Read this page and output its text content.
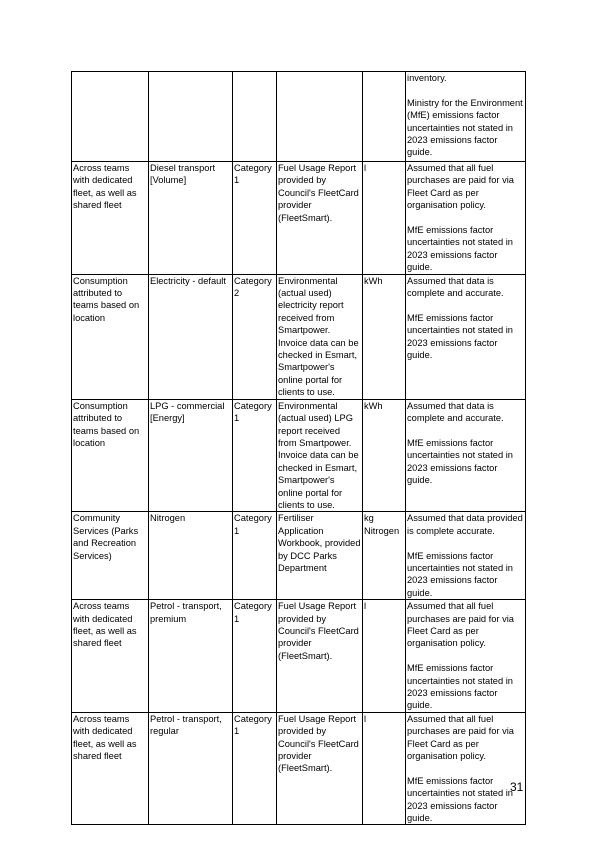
					inventory.

Ministry for the Environment (MfE) emissions factor uncertainties not stated in 2023 emissions factor guide.

Across teams with dedicated fleet, as well as shared fleet	Diesel transport [Volume]	Category 1	Fuel Usage Report provided by Council's FleetCard provider (FleetSmart).	l	Assumed that all fuel purchases are paid for via Fleet Card as per organisation policy.

MfE emissions factor uncertainties not stated in 2023 emissions factor guide.

Consumption attributed to teams based on location	Electricity - default	Category 2	Environmental (actual used) electricity report received from Smartpower. Invoice data can be checked in Esmart, Smartpower's online portal for clients to use.	kWh	Assumed that data is complete and accurate.

MfE emissions factor uncertainties not stated in 2023 emissions factor guide.

Consumption attributed to teams based on location	LPG - commercial [Energy]	Category 1	Environmental (actual used) LPG report received from Smartpower. Invoice data can be checked in Esmart, Smartpower's online portal for clients to use.	kWh	Assumed that data is complete and accurate.

MfE emissions factor uncertainties not stated in 2023 emissions factor guide.

Community Services (Parks and Recreation Services)	Nitrogen	Category 1	Fertiliser Application Workbook, provided by DCC Parks Department	kg Nitrogen	Assumed that data provided is complete accurate.

MfE emissions factor uncertainties not stated in 2023 emissions factor guide.

Across teams with dedicated fleet, as well as shared fleet	Petrol - transport, premium	Category 1	Fuel Usage Report provided by Council's FleetCard provider (FleetSmart).	l	Assumed that all fuel purchases are paid for via Fleet Card as per organisation policy.

MfE emissions factor uncertainties not stated in 2023 emissions factor guide.

Across teams with dedicated fleet, as well as shared fleet	Petrol - transport, regular	Category 1	Fuel Usage Report provided by Council's FleetCard provider (FleetSmart).	l	Assumed that all fuel purchases are paid for via Fleet Card as per organisation policy.

MfE emissions factor uncertainties not stated in 2023 emissions factor guide.

31
